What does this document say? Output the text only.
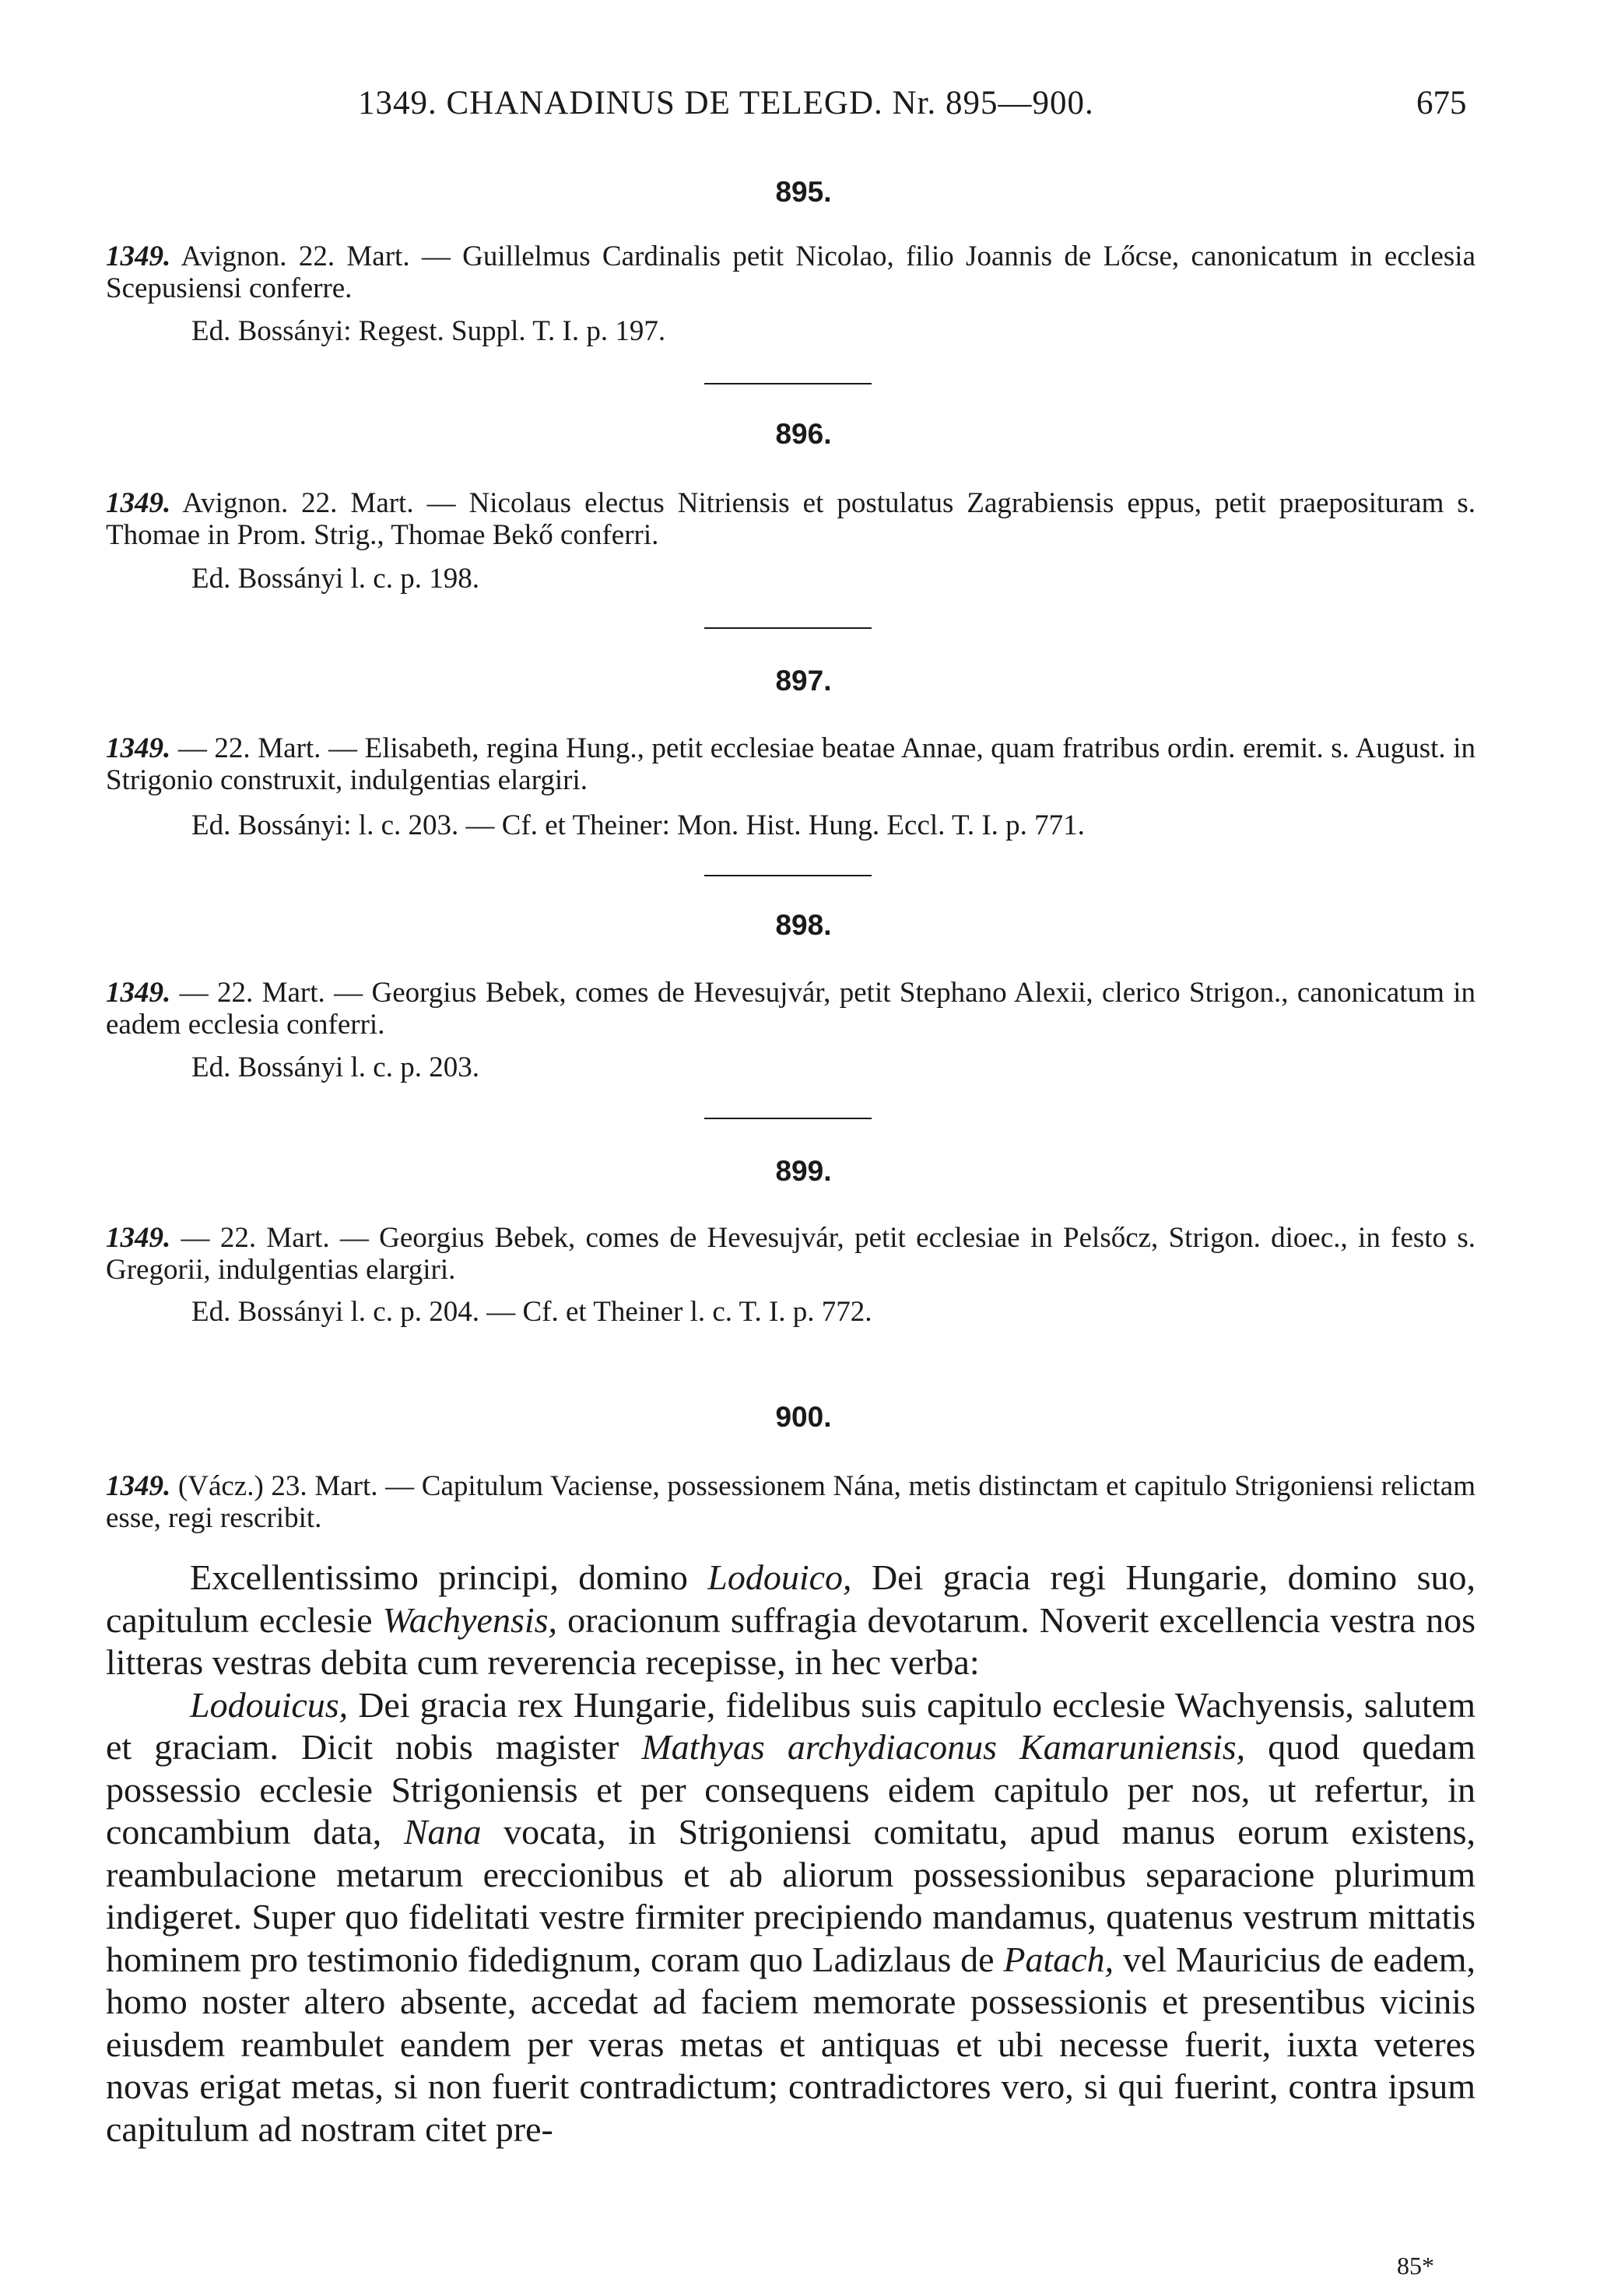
1349. CHANADINUS DE TELEGD. Nr. 895—900.	675
895.
1349. Avignon. 22. Mart. — Guillelmus Cardinalis petit Nicolao, filio Joannis de Lőcse, canonicatum in ecclesia Scepusiensi conferre.
Ed. Bossányi: Regest. Suppl. T. I. p. 197.
896.
1349. Avignon. 22. Mart. — Nicolaus electus Nitriensis et postulatus Zagrabiensis eppus, petit praeposituram s. Thomae in Prom. Strig., Thomae Bekő conferri.
Ed. Bossányi l. c. p. 198.
897.
1349. — 22. Mart. — Elisabeth, regina Hung., petit ecclesiae beatae Annae, quam fratribus ordin. eremit. s. August. in Strigonio construxit, indulgentias elargiri.
Ed. Bossányi: l. c. 203. — Cf. et Theiner: Mon. Hist. Hung. Eccl. T. I. p. 771.
898.
1349. — 22. Mart. — Georgius Bebek, comes de Hevesujvár, petit Stephano Alexii, clerico Strigon., canonicatum in eadem ecclesia conferri.
Ed. Bossányi l. c. p. 203.
899.
1349. — 22. Mart. — Georgius Bebek, comes de Hevesujvár, petit ecclesiae in Pelsőcz, Strigon. dioec., in festo s. Gregorii, indulgentias elargiri.
Ed. Bossányi l. c. p. 204. — Cf. et Theiner l. c. T. I. p. 772.
900.
1349. (Vácz.) 23. Mart. — Capitulum Vaciense, possessionem Nána, metis distinctam et capitulo Strigoniensi relictam esse, regi rescribit.

Excellentissimo principi, domino Lodouico, Dei gracia regi Hungarie, domino suo, capitulum ecclesie Wachyensis, oracionum suffragia devotarum. Noverit excellencia vestra nos litteras vestras debita cum reverencia recepisse, in hec verba:

Lodouicus, Dei gracia rex Hungarie, fidelibus suis capitulo ecclesie Wachyensis, salutem et graciam. Dicit nobis magister Mathyas archydiaconus Kamaruniensis, quod quedam possessio ecclesie Strigoniensis et per consequens eidem capitulo per nos, ut refertur, in concambium data, Nana vocata, in Strigoniensi comitatu, apud manus eorum existens, reambulacione metarum ereccionibus et ab aliorum possessionibus separacione plurimum indigeret. Super quo fidelitati vestre firmiter precipiendo mandamus, quatenus vestrum mittatis hominem pro testimonio fidedignum, coram quo Ladizlaus de Patach, vel Mauricius de eadem, homo noster altero absente, accedat ad faciem memorate possessionis et presentibus vicinis eiusdem reambulet eandem per veras metas et antiquas et ubi necesse fuerit, iuxta veteres novas erigat metas, si non fuerit contradictum; contradictores vero, si qui fuerint, contra ipsum capitulum ad nostram citet pre-

85*
